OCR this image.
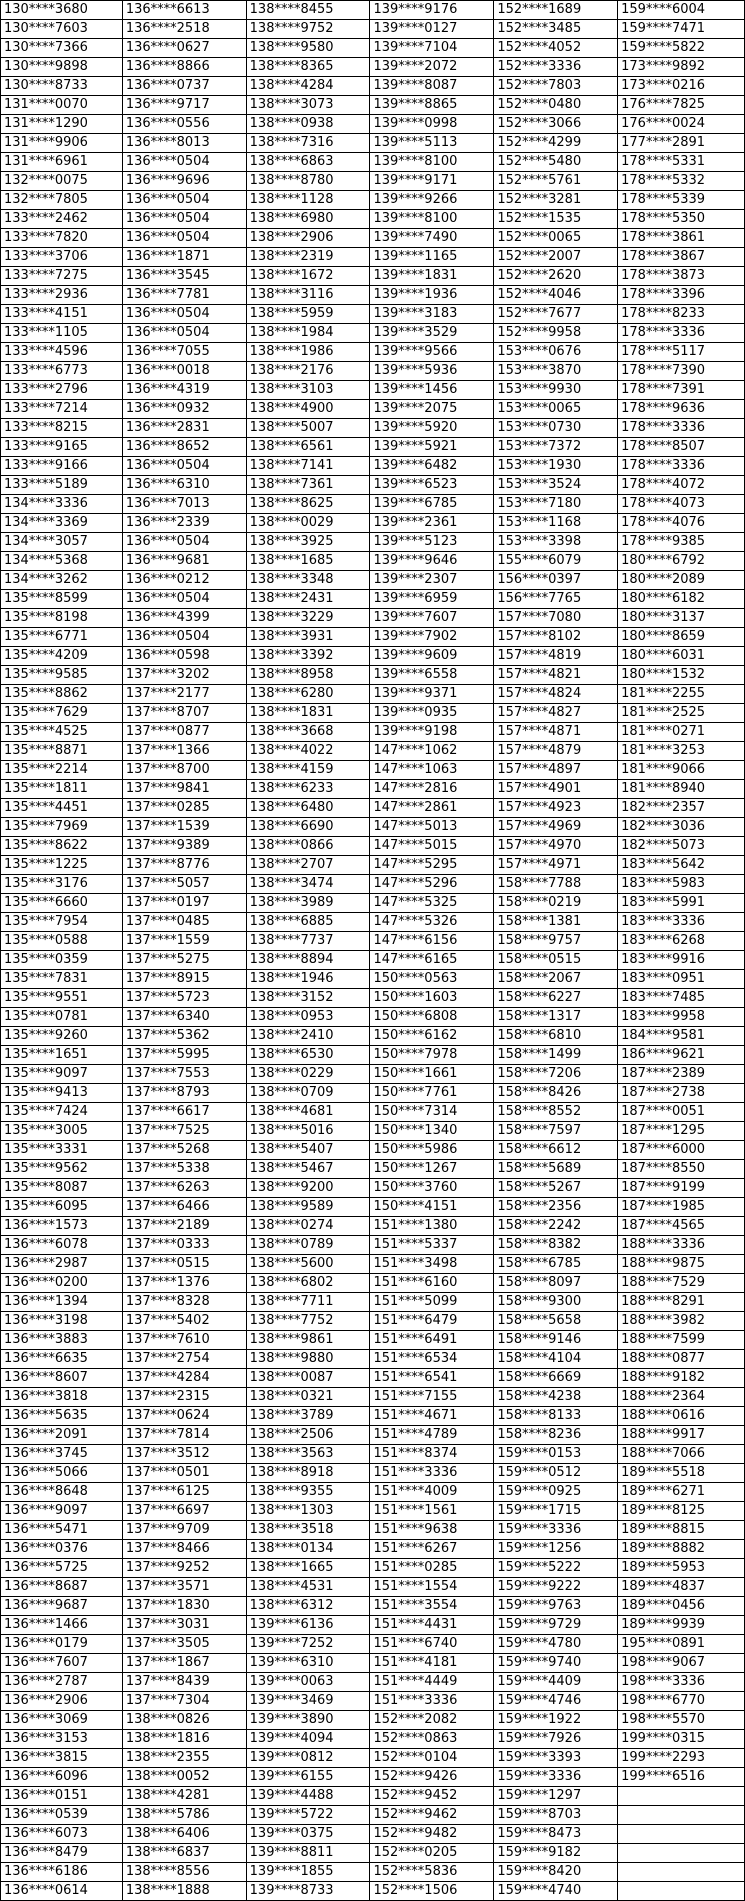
130****3680	136****6613	138****8455	139****9176	152****1689	159****6004
130****7603	136****2518	138****9752	139****0127	152****3485	159****7471
130****7366	136****0627	138****9580	139****7104	152****4052	159****5822
130****9898	136****8866	138****8365	139****2072	152****3336	173****9892
130****8733	136****0737	138****4284	139****8087	152****7803	173****0216
131****0070	136****9717	138****3073	139****8865	152****0480	176****7825
131****1290	136****0556	138****0938	139****0998	152****3066	176****0024
131****9906	136****8013	138****7316	139****5113	152****4299	177****2891
131****6961	136****0504	138****6863	139****8100	152****5480	178****5331
132****0075	136****9696	138****8780	139****9171	152****5761	178****5332
132****7805	136****0504	138****1128	139****9266	152****3281	178****5339
133****2462	136****0504	138****6980	139****8100	152****1535	178****5350
133****7820	136****0504	138****2906	139****7490	152****0065	178****3861
133****3706	136****1871	138****2319	139****1165	152****2007	178****3867
133****7275	136****3545	138****1672	139****1831	152****2620	178****3873
133****2936	136****7781	138****3116	139****1936	152****4046	178****3396
133****4151	136****0504	138****5959	139****3183	152****7677	178****8233
133****1105	136****0504	138****1984	139****3529	152****9958	178****3336
133****4596	136****7055	138****1986	139****9566	153****0676	178****5117
133****6773	136****0018	138****2176	139****5936	153****3870	178****7390
133****2796	136****4319	138****3103	139****1456	153****9930	178****7391
133****7214	136****0932	138****4900	139****2075	153****0065	178****9636
133****8215	136****2831	138****5007	139****5920	153****0730	178****3336
133****9165	136****8652	138****6561	139****5921	153****7372	178****8507
133****9166	136****0504	138****7141	139****6482	153****1930	178****3336
133****5189	136****6310	138****7361	139****6523	153****3524	178****4072
134****3336	136****7013	138****8625	139****6785	153****7180	178****4073
134****3369	136****2339	138****0029	139****2361	153****1168	178****4076
134****3057	136****0504	138****3925	139****5123	153****3398	178****9385
134****5368	136****9681	138****1685	139****9646	155****6079	180****6792
134****3262	136****0212	138****3348	139****2307	156****0397	180****2089
135****8599	136****0504	138****2431	139****6959	156****7765	180****6182
135****8198	136****4399	138****3229	139****7607	157****7080	180****3137
135****6771	136****0504	138****3931	139****7902	157****8102	180****8659
135****4209	136****0598	138****3392	139****9609	157****4819	180****6031
135****9585	137****3202	138****8958	139****6558	157****4821	180****1532
135****8862	137****2177	138****6280	139****9371	157****4824	181****2255
135****7629	137****8707	138****1831	139****0935	157****4827	181****2525
135****4525	137****0877	138****3668	139****9198	157****4871	181****0271
135****8871	137****1366	138****4022	147****1062	157****4879	181****3253
135****2214	137****8700	138****4159	147****1063	157****4897	181****9066
135****1811	137****9841	138****6233	147****2816	157****4901	181****8940
135****4451	137****0285	138****6480	147****2861	157****4923	182****2357
135****7969	137****1539	138****6690	147****5013	157****4969	182****3036
135****8622	137****9389	138****0866	147****5015	157****4970	182****5073
135****1225	137****8776	138****2707	147****5295	157****4971	183****5642
135****3176	137****5057	138****3474	147****5296	158****7788	183****5983
135****6660	137****0197	138****3989	147****5325	158****0219	183****5991
135****7954	137****0485	138****6885	147****5326	158****1381	183****3336
135****0588	137****1559	138****7737	147****6156	158****9757	183****6268
135****0359	137****5275	138****8894	147****6165	158****0515	183****9916
135****7831	137****8915	138****1946	150****0563	158****2067	183****0951
135****9551	137****5723	138****3152	150****1603	158****6227	183****7485
135****0781	137****6340	138****0953	150****6808	158****1317	183****9958
135****9260	137****5362	138****2410	150****6162	158****6810	184****9581
135****1651	137****5995	138****6530	150****7978	158****1499	186****9621
135****9097	137****7553	138****0229	150****1661	158****7206	187****2389
135****9413	137****8793	138****0709	150****7761	158****8426	187****2738
135****7424	137****6617	138****4681	150****7314	158****8552	187****0051
135****3005	137****7525	138****5016	150****1340	158****7597	187****1295
135****3331	137****5268	138****5407	150****5986	158****6612	187****6000
135****9562	137****5338	138****5467	150****1267	158****5689	187****8550
135****8087	137****6263	138****9200	150****3760	158****5267	187****9199
135****6095	137****6466	138****9589	150****4151	158****2356	187****1985
136****1573	137****2189	138****0274	151****1380	158****2242	187****4565
136****6078	137****0333	138****0789	151****5337	158****8382	188****3336
136****2987	137****0515	138****5600	151****3498	158****6785	188****9875
136****0200	137****1376	138****6802	151****6160	158****8097	188****7529
136****1394	137****8328	138****7711	151****5099	158****9300	188****8291
136****3198	137****5402	138****7752	151****6479	158****5658	188****3982
136****3883	137****7610	138****9861	151****6491	158****9146	188****7599
136****6635	137****2754	138****9880	151****6534	158****4104	188****0877
136****8607	137****4284	138****0087	151****6541	158****6669	188****9182
136****3818	137****2315	138****0321	151****7155	158****4238	188****2364
136****5635	137****0624	138****3789	151****4671	158****8133	188****0616
136****2091	137****7814	138****2506	151****4789	158****8236	188****9917
136****3745	137****3512	138****3563	151****8374	159****0153	188****7066
136****5066	137****0501	138****8918	151****3336	159****0512	189****5518
136****8648	137****6125	138****9355	151****4009	159****0925	189****6271
136****9097	137****6697	138****1303	151****1561	159****1715	189****8125
136****5471	137****9709	138****3518	151****9638	159****3336	189****8815
136****0376	137****8466	138****0134	151****6267	159****1256	189****8882
136****5725	137****9252	138****1665	151****0285	159****5222	189****5953
136****8687	137****3571	138****4531	151****1554	159****9222	189****4837
136****9687	137****1830	138****6312	151****3554	159****9763	189****0456
136****1466	137****3031	139****6136	151****4431	159****9729	189****9939
136****0179	137****3505	139****7252	151****6740	159****4780	195****0891
136****7607	137****1867	139****6310	151****4181	159****9740	198****9067
136****2787	137****8439	139****0063	151****4449	159****4409	198****3336
136****2906	137****7304	139****3469	151****3336	159****4746	198****6770
136****3069	138****0826	139****3890	152****2082	159****1922	198****5570
136****3153	138****1816	139****4094	152****0863	159****7926	199****0315
136****3815	138****2355	139****0812	152****0104	159****3393	199****2293
136****6096	138****0052	139****6155	152****9426	159****3336	199****6516
136****0151	138****4281	139****4488	152****9452	159****1297	
136****0539	138****5786	139****5722	152****9462	159****8703	
136****6073	138****6406	139****0375	152****9482	159****8473	
136****8479	138****6837	139****8811	152****0205	159****9182	
136****6186	138****8556	139****1855	152****5836	159****8420	
136****0614	138****1888	139****8733	152****1506	159****4740	
